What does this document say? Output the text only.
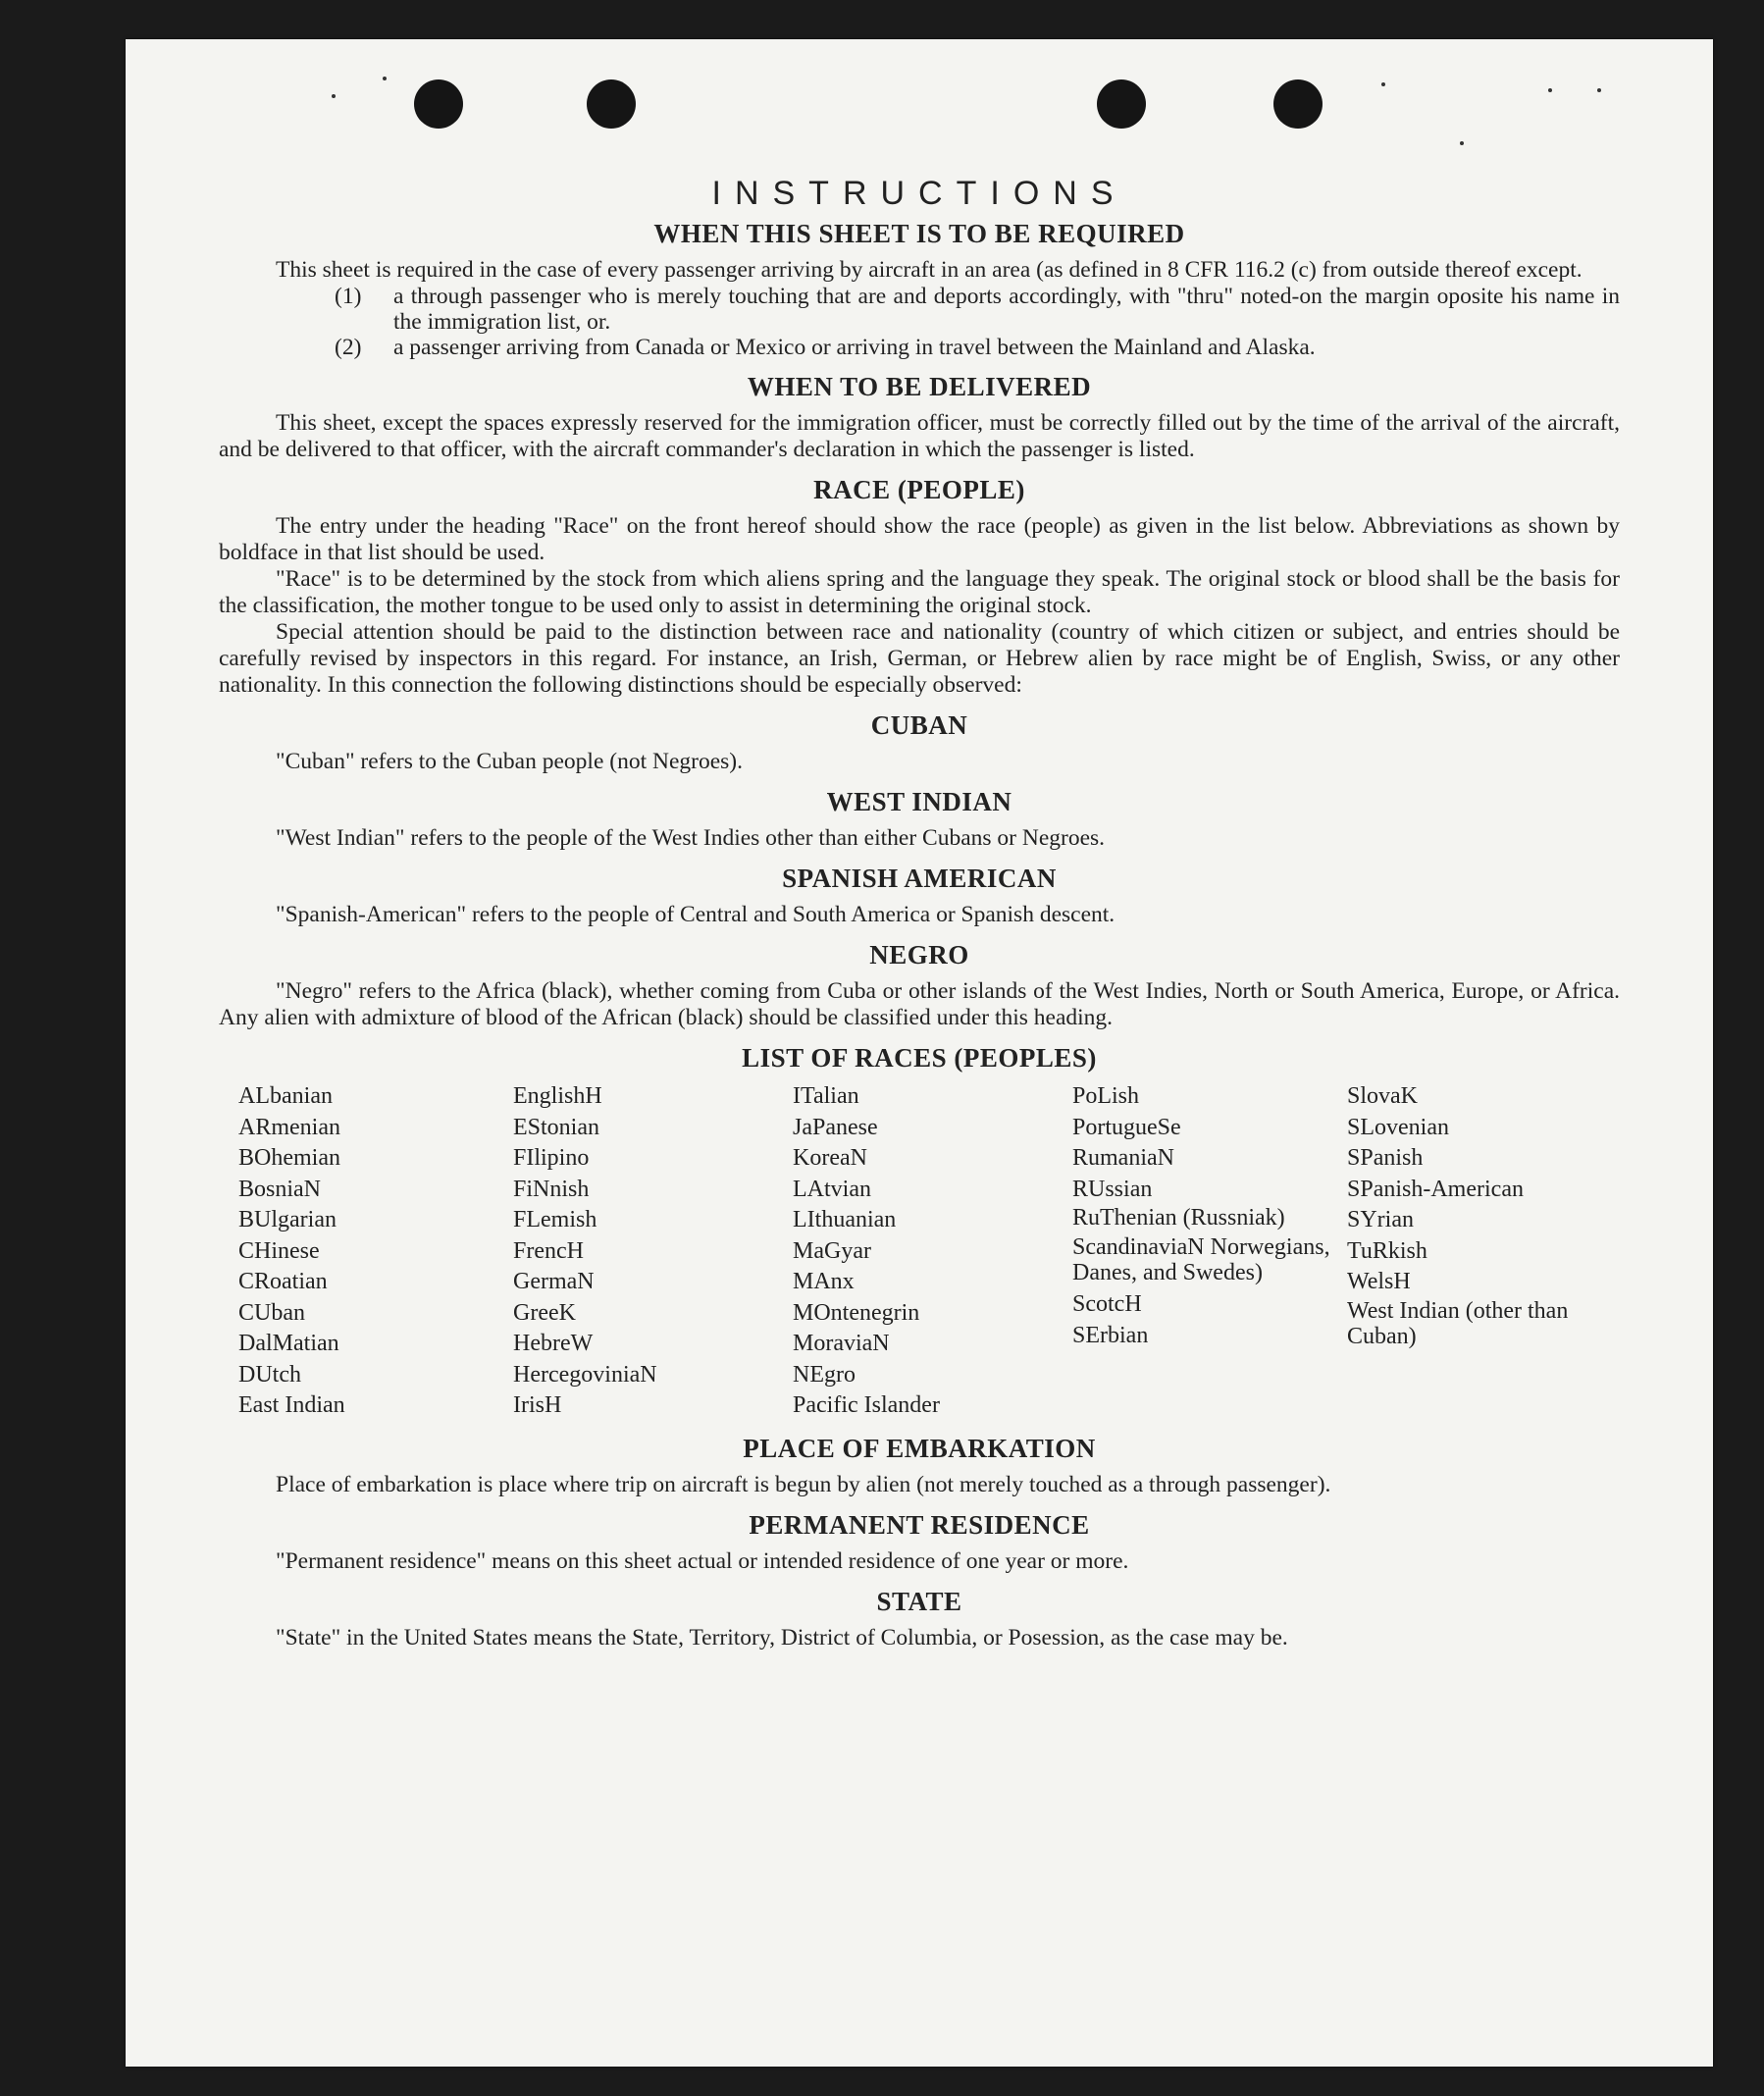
INSTRUCTIONS
WHEN THIS SHEET IS TO BE REQUIRED

This sheet is required in the case of every passenger arriving by aircraft in an area (as defined in 8 CFR 116.2 (c) from outside thereof except.

(1)	a through passenger who is merely touching that are and deports accordingly, with "thru" noted-on the margin oposite his name in the immigration list, or.
(2)	a passenger arriving from Canada or Mexico or arriving in travel between the Mainland and Alaska.
WHEN TO BE DELIVERED

This sheet, except the spaces expressly reserved for the immigration officer, must be correctly filled out by the time of the arrival of the aircraft, and be delivered to that officer, with the aircraft commander's declaration in which the passenger is listed.

RACE (PEOPLE)

The entry under the heading "Race" on the front hereof should show the race (people) as given in the list below. Abbreviations as shown by boldface in that list should be used.

"Race" is to be determined by the stock from which aliens spring and the language they speak. The original stock or blood shall be the basis for the classification, the mother tongue to be used only to assist in determining the original stock.

Special attention should be paid to the distinction between race and nationality (country of which citizen or subject, and entries should be carefully revised by inspectors in this regard. For instance, an Irish, German, or Hebrew alien by race might be of English, Swiss, or any other nationality. In this connection the following distinctions should be especially observed:

CUBAN

"Cuban" refers to the Cuban people (not Negroes).

WEST INDIAN

"West Indian" refers to the people of the West Indies other than either Cubans or Negroes.

SPANISH AMERICAN

"Spanish-American" refers to the people of Central and South America or Spanish descent.

NEGRO

"Negro" refers to the Africa (black), whether coming from Cuba or other islands of the West Indies, North or South America, Europe, or Africa. Any alien with admixture of blood of the African (black) should be classified under this heading.

LIST OF RACES (PEOPLES)
ALbanian
ARmenian
BOhemian
BosniaN
BUlgarian
CHinese
CRoatian
CUban
DalMatian
DUtch
East Indian
EnglishH
EStonian
FIlipino
FiNnish
FLemish
FrencH
GermaN
GreeK
HebreW
HercegoviniaN
IrisH
ITalian
JaPanese
KoreaN
LAtvian
LIthuanian
MaGyar
MAnx
MOntenegrin
MoraviaN
NEgro
Pacific Islander
PoLish
PortugueSe
RumaniaN
RUssian
RuThenian (Russniak)
ScandinaviaN Norwegians, Danes, and Swedes)
ScotcH
SErbian
SlovaK
SLovenian
SPanish
SPanish-American
SYrian
TuRkish
WelsH
West Indian (other than Cuban)
PLACE OF EMBARKATION

Place of embarkation is place where trip on aircraft is begun by alien (not merely touched as a through passenger).

PERMANENT RESIDENCE

"Permanent residence" means on this sheet actual or intended residence of one year or more.

STATE

"State" in the United States means the State, Territory, District of Columbia, or Posession, as the case may be.
